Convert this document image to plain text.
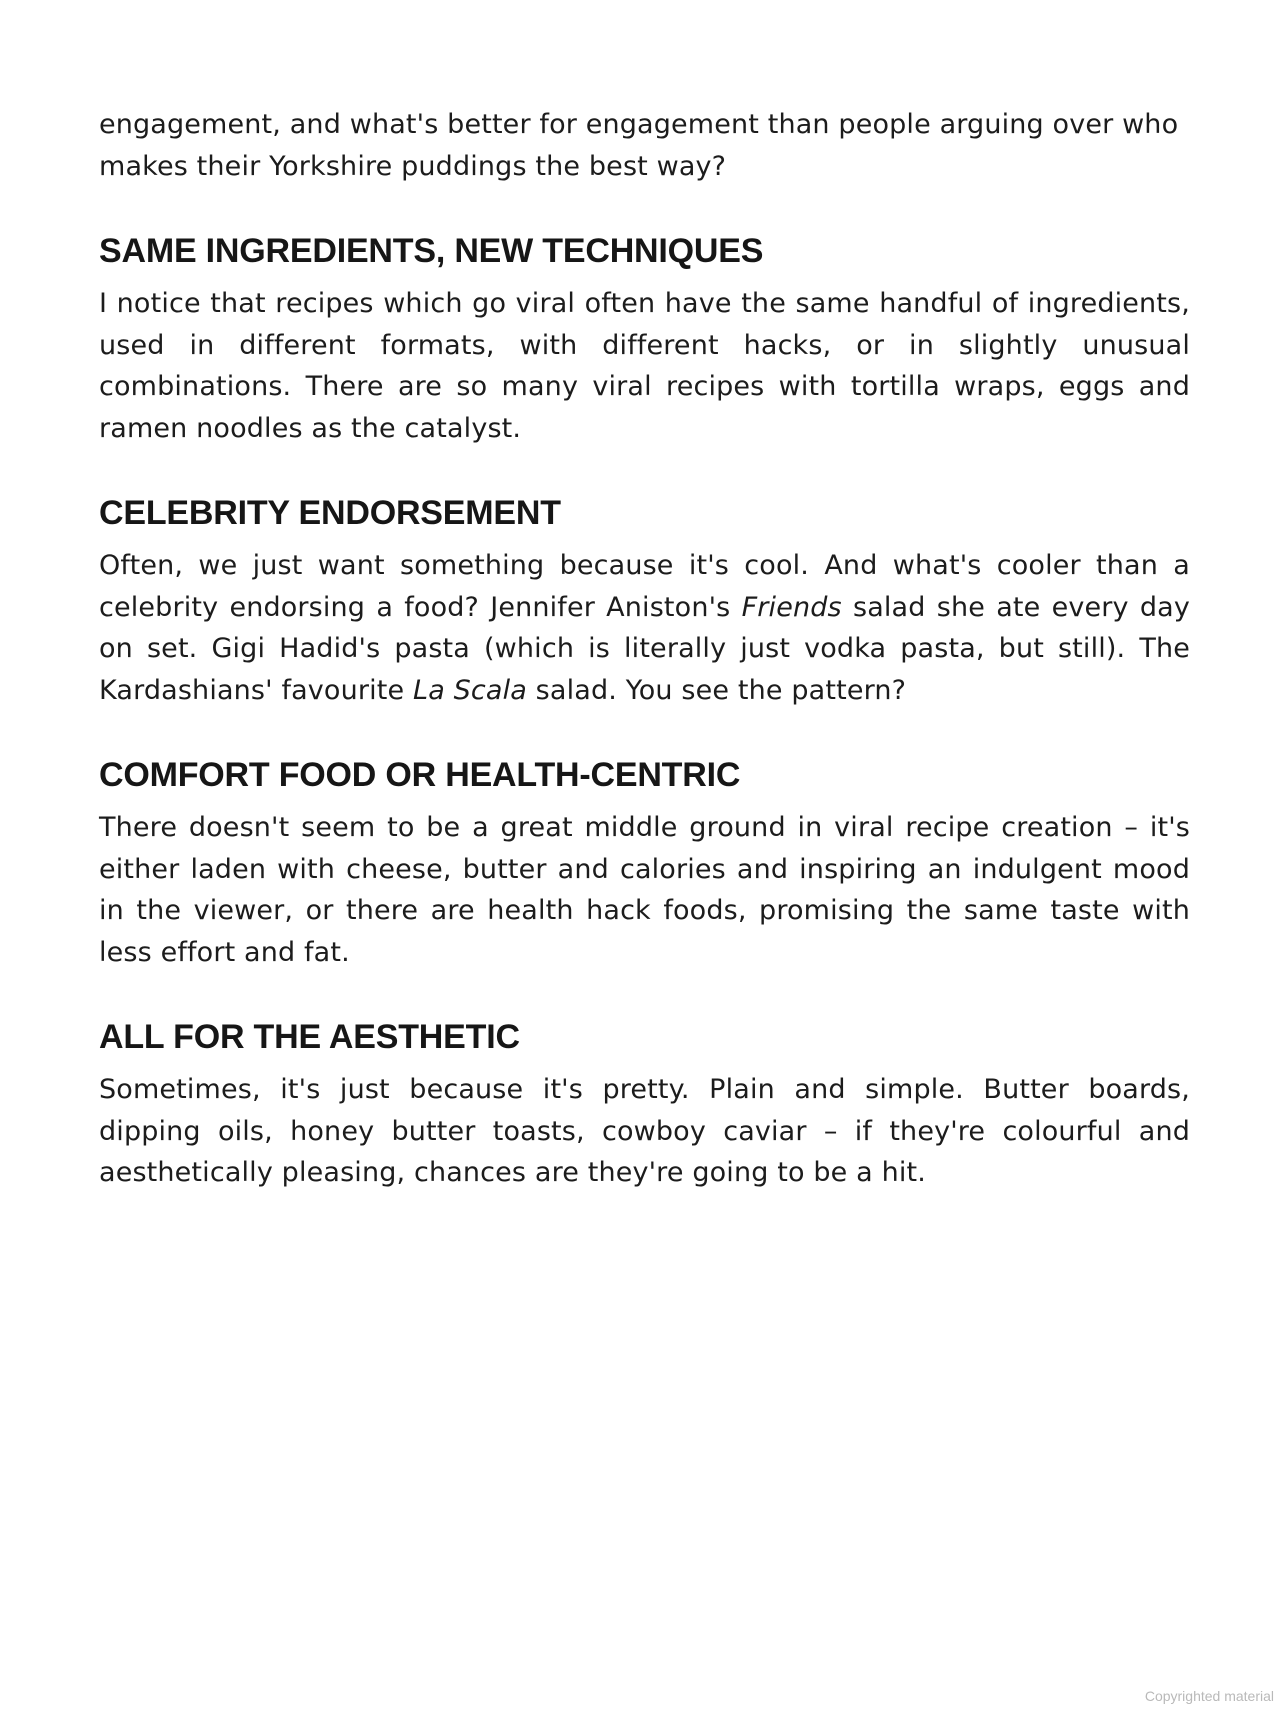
engagement, and what's better for engagement than people arguing over who makes their Yorkshire puddings the best way?

SAME INGREDIENTS, NEW TECHNIQUES

I notice that recipes which go viral often have the same handful of ingredients, used in different formats, with different hacks, or in slightly unusual combinations. There are so many viral recipes with tortilla wraps, eggs and ramen noodles as the catalyst.

CELEBRITY ENDORSEMENT

Often, we just want something because it's cool. And what's cooler than a celebrity endorsing a food? Jennifer Aniston's Friends salad she ate every day on set. Gigi Hadid's pasta (which is literally just vodka pasta, but still). The Kardashians' favourite La Scala salad. You see the pattern?

COMFORT FOOD OR HEALTH-CENTRIC

There doesn't seem to be a great middle ground in viral recipe creation – it's either laden with cheese, butter and calories and inspiring an indulgent mood in the viewer, or there are health hack foods, promising the same taste with less effort and fat.

ALL FOR THE AESTHETIC

Sometimes, it's just because it's pretty. Plain and simple. Butter boards, dipping oils, honey butter toasts, cowboy caviar – if they're colourful and aesthetically pleasing, chances are they're going to be a hit.

Copyrighted material
